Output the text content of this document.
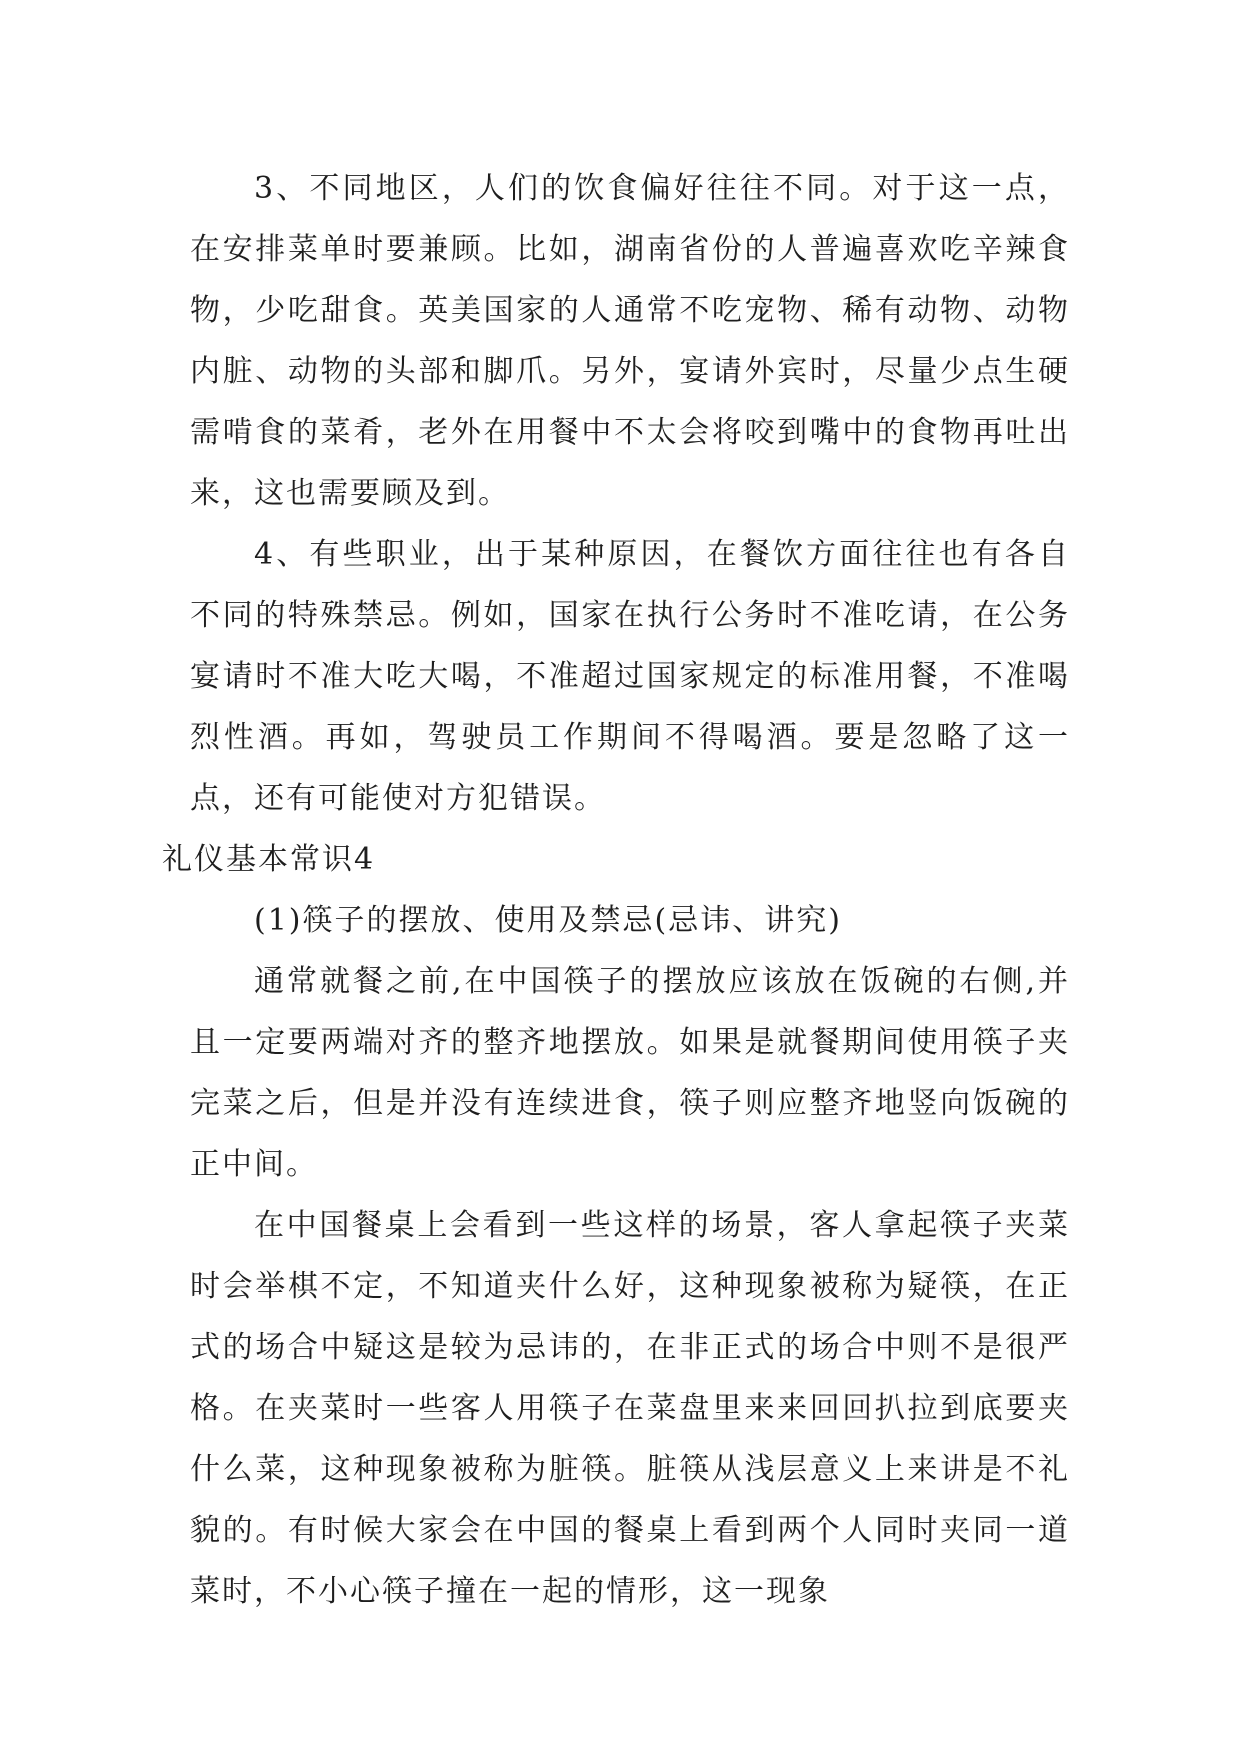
3、不同地区，人们的饮食偏好往往不同。对于这一点，在安排菜单时要兼顾。比如，湖南省份的人普遍喜欢吃辛辣食物，少吃甜食。英美国家的人通常不吃宠物、稀有动物、动物内脏、动物的头部和脚爪。另外，宴请外宾时，尽量少点生硬需啃食的菜肴，老外在用餐中不太会将咬到嘴中的食物再吐出来，这也需要顾及到。

4、有些职业，出于某种原因，在餐饮方面往往也有各自不同的特殊禁忌。例如，国家在执行公务时不准吃请，在公务宴请时不准大吃大喝，不准超过国家规定的标准用餐，不准喝烈性酒。再如，驾驶员工作期间不得喝酒。要是忽略了这一点，还有可能使对方犯错误。

礼仪基本常识4

(1)筷子的摆放、使用及禁忌(忌讳、讲究)

通常就餐之前,在中国筷子的摆放应该放在饭碗的右侧,并且一定要两端对齐的整齐地摆放。如果是就餐期间使用筷子夹完菜之后，但是并没有连续进食，筷子则应整齐地竖向饭碗的正中间。

在中国餐桌上会看到一些这样的场景，客人拿起筷子夹菜时会举棋不定，不知道夹什么好，这种现象被称为疑筷，在正式的场合中疑这是较为忌讳的，在非正式的场合中则不是很严格。在夹菜时一些客人用筷子在菜盘里来来回回扒拉到底要夹什么菜，这种现象被称为脏筷。脏筷从浅层意义上来讲是不礼貌的。有时候大家会在中国的餐桌上看到两个人同时夹同一道菜时，不小心筷子撞在一起的情形，这一现象
